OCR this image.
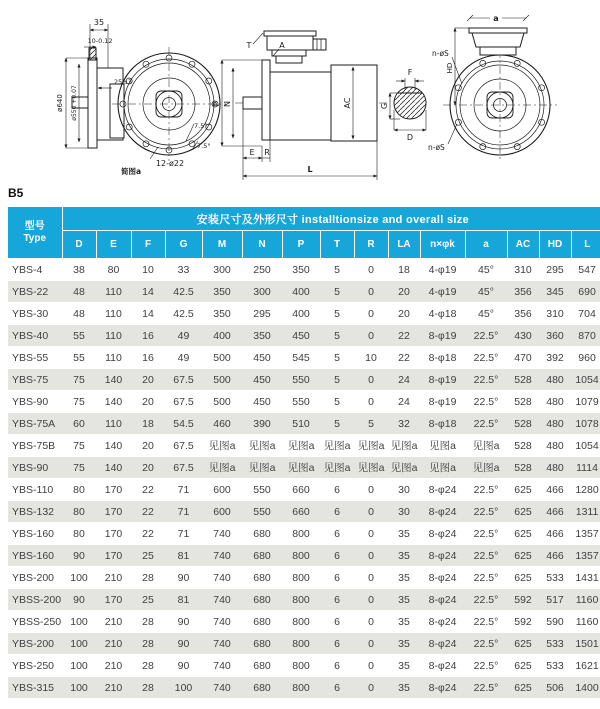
35
10-0.12
ø640 ø550 +0.07
25±3
12-ø22
7.5°
7.5°
简图a
T	A
P N
E R
L
AC
F
G
D
a
HD
n-øS
n-øS
B5
型号
Type	安装尺寸及外形尺寸 installtionsize and overall size														
	D	E	F	G	M	N	P	T	R	LA	n×φk	a	AC	HD	L
YBS-4	38	80	10	33	300	250	350	5	0	18	4-φ19	45°	310	295	547
YBS-22	48	110	14	42.5	350	300	400	5	0	20	4-φ19	45°	356	345	690
YBS-30	48	110	14	42.5	350	295	400	5	0	20	4-φ18	45°	356	310	704
YBS-40	55	110	16	49	400	350	450	5	0	22	8-φ19	22.5°	430	360	870
YBS-55	55	110	16	49	500	450	545	5	10	22	8-φ18	22.5°	470	392	960
YBS-75	75	140	20	67.5	500	450	550	5	0	24	8-φ19	22.5°	528	480	1054
YBS-90	75	140	20	67.5	500	450	550	5	0	24	8-φ19	22.5°	528	480	1079
YBS-75A	60	110	18	54.5	460	390	510	5	5	32	8-φ18	22.5°	528	480	1078
YBS-75B	75	140	20	67.5	见图a	见图a	见图a	见图a	见图a	见图a	见图a	见图a	528	480	1054
YBS-90	75	140	20	67.5	见图a	见图a	见图a	见图a	见图a	见图a	见图a	见图a	528	480	1114
YBS-110	80	170	22	71	600	550	660	6	0	30	8-φ24	22.5°	625	466	1280
YBS-132	80	170	22	71	600	550	660	6	0	30	8-φ24	22.5°	625	466	1311
YBS-160	80	170	22	71	740	680	800	6	0	35	8-φ24	22.5°	625	466	1357
YBS-160	90	170	25	81	740	680	800	6	0	35	8-φ24	22.5°	625	466	1357
YBS-200	100	210	28	90	740	680	800	6	0	35	8-φ24	22.5°	625	533	1431
YBSS-200	90	170	25	81	740	680	800	6	0	35	8-φ24	22.5°	592	517	1160
YBSS-250	100	210	28	90	740	680	800	6	0	35	8-φ24	22.5°	592	590	1160
YBS-200	100	210	28	90	740	680	800	6	0	35	8-φ24	22.5°	625	533	1501
YBS-250	100	210	28	90	740	680	800	6	0	35	8-φ24	22.5°	625	533	1621
YBS-315	100	210	28	100	740	680	800	6	0	35	8-φ24	22.5°	625	506	1400
